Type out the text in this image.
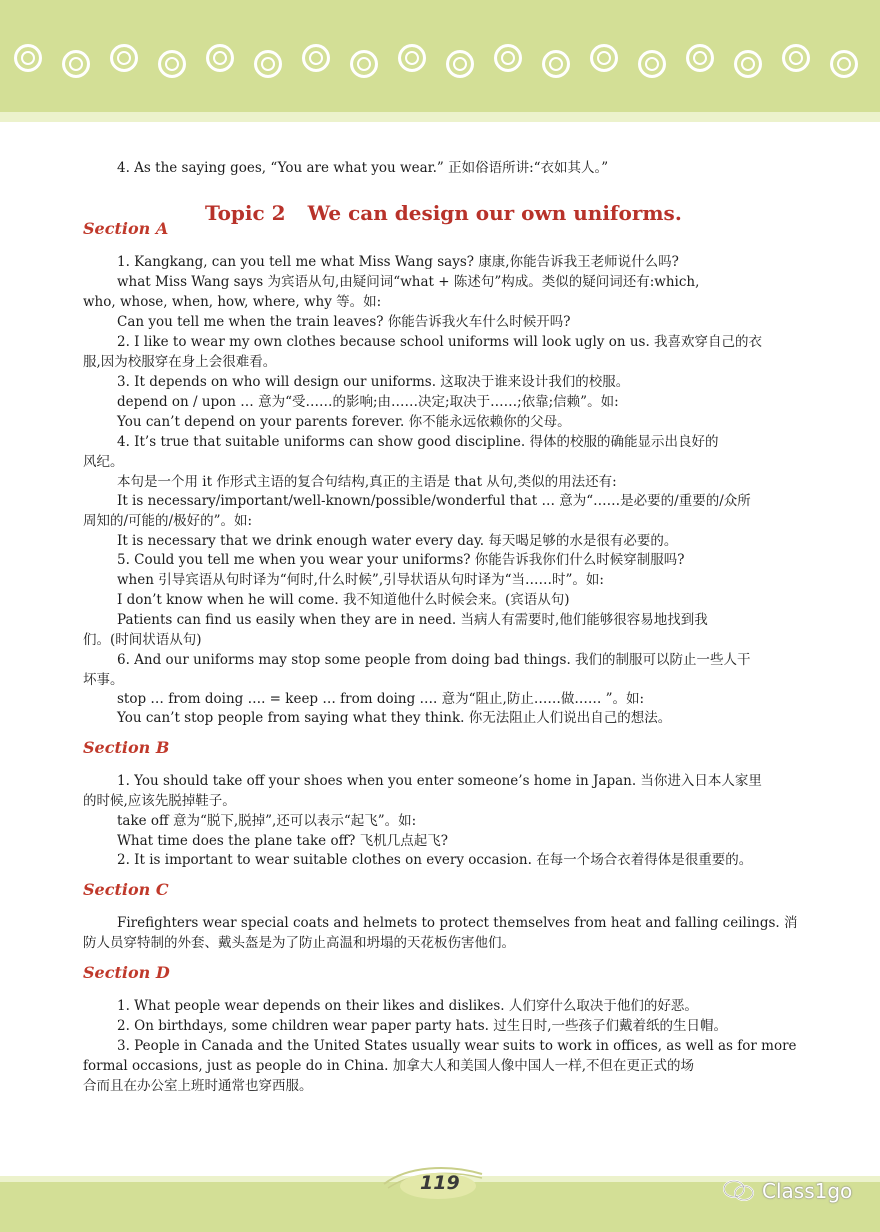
4. As the saying goes, “You are what you wear.” 正如俗语所讲:“衣如其人。”
Topic 2 We can design our own uniforms.
Section A
1. Kangkang, can you tell me what Miss Wang says? 康康,你能告诉我王老师说什么吗?
what Miss Wang says 为宾语从句,由疑问词“what + 陈述句”构成。类似的疑问词还有:which,
who, whose, when, how, where, why 等。如:
Can you tell me when the train leaves? 你能告诉我火车什么时候开吗?
2. I like to wear my own clothes because school uniforms will look ugly on us. 我喜欢穿自己的衣
服,因为校服穿在身上会很难看。
3. It depends on who will design our uniforms. 这取决于谁来设计我们的校服。
depend on / upon … 意为“受……的影响;由……决定;取决于……;依靠;信赖”。如:
You can’t depend on your parents forever. 你不能永远依赖你的父母。
4. It’s true that suitable uniforms can show good discipline. 得体的校服的确能显示出良好的
风纪。
本句是一个用 it 作形式主语的复合句结构,真正的主语是 that 从句,类似的用法还有:
It is necessary/important/well-known/possible/wonderful that … 意为“……是必要的/重要的/众所
周知的/可能的/极好的”。如:
It is necessary that we drink enough water every day. 每天喝足够的水是很有必要的。
5. Could you tell me when you wear your uniforms? 你能告诉我你们什么时候穿制服吗?
when 引导宾语从句时译为“何时,什么时候”,引导状语从句时译为“当……时”。如:
I don’t know when he will come. 我不知道他什么时候会来。(宾语从句)
Patients can find us easily when they are in need. 当病人有需要时,他们能够很容易地找到我
们。(时间状语从句)
6. And our uniforms may stop some people from doing bad things. 我们的制服可以防止一些人干
坏事。
stop … from doing …. = keep … from doing …. 意为“阻止,防止……做…… ”。如:
You can’t stop people from saying what they think. 你无法阻止人们说出自己的想法。
Section B
1. You should take off your shoes when you enter someone’s home in Japan. 当你进入日本人家里
的时候,应该先脱掉鞋子。
take off 意为“脱下,脱掉”,还可以表示“起飞”。如:
What time does the plane take off? 飞机几点起飞?
2. It is important to wear suitable clothes on every occasion. 在每一个场合衣着得体是很重要的。
Section C
Firefighters wear special coats and helmets to protect themselves from heat and falling ceilings. 消
防人员穿特制的外套、戴头盔是为了防止高温和坍塌的天花板伤害他们。
Section D
1. What people wear depends on their likes and dislikes. 人们穿什么取决于他们的好恶。
2. On birthdays, some children wear paper party hats. 过生日时,一些孩子们戴着纸的生日帽。
3. People in Canada and the United States usually wear suits to work in offices, as well as for more
formal occasions, just as people do in China. 加拿大人和美国人像中国人一样,不但在更正式的场
合而且在办公室上班时通常也穿西服。
119	Class1go
